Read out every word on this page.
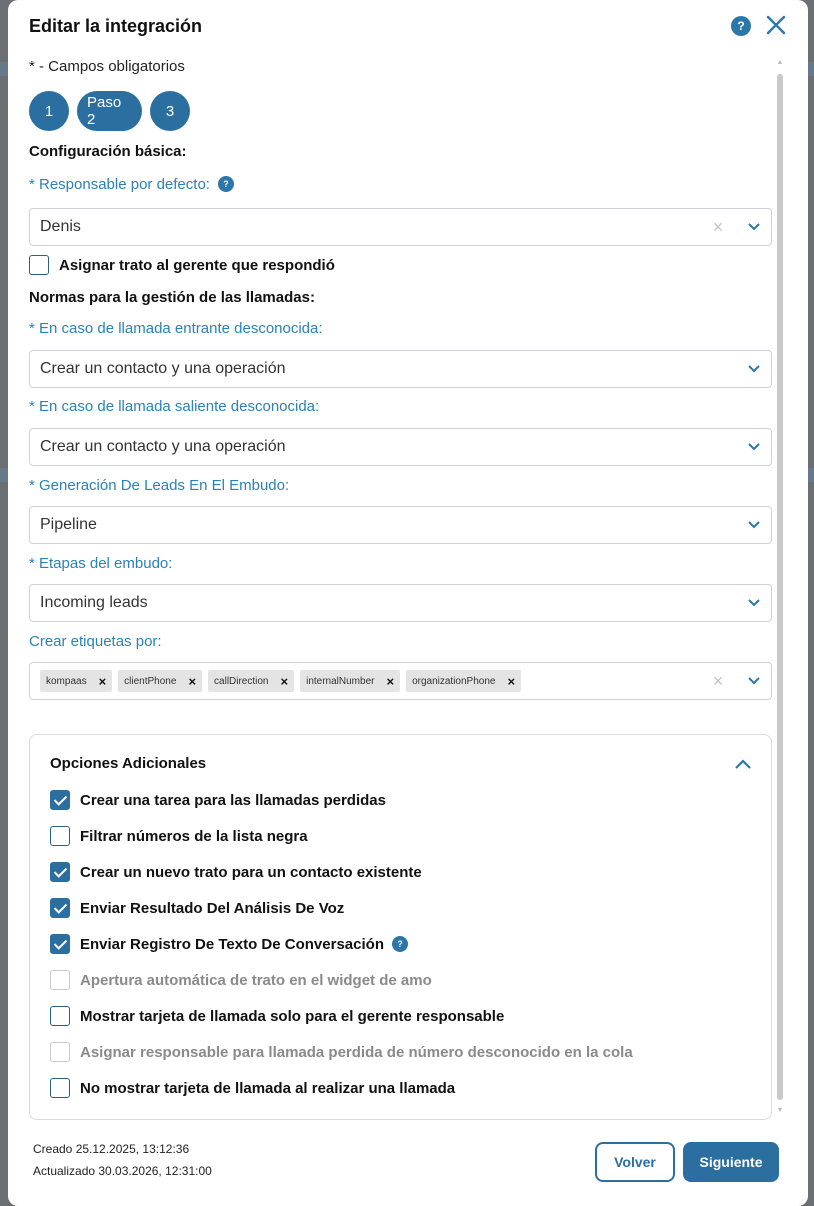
Editar la integración	?
▲
▼
* - Campos obligatorios
1	Paso 2	3
Configuración básica:
* Responsable por defecto: ?
Denis	×
Asignar trato al gerente que respondió
Normas para la gestión de las llamadas:
* En caso de llamada entrante desconocida:
Crear un contacto y una operación
* En caso de llamada saliente desconocida:
Crear un contacto y una operación
* Generación De Leads En El Embudo:
Pipeline
* Etapas del embudo:
Incoming leads
Crear etiquetas por:
kompaas × clientPhone × callDirection × internalNumber × organizationPhone ×	×
Opciones Adicionales
Crear una tarea para las llamadas perdidas
Filtrar números de la lista negra
Crear un nuevo trato para un contacto existente
Enviar Resultado Del Análisis De Voz
Enviar Registro De Texto De Conversación	?
Apertura automática de trato en el widget de amo
Mostrar tarjeta de llamada solo para el gerente responsable
Asignar responsable para llamada perdida de número desconocido en la cola
No mostrar tarjeta de llamada al realizar una llamada
Creado 25.12.2025, 13:12:36
Actualizado 30.03.2026, 12:31:00
Volver	Siguiente
